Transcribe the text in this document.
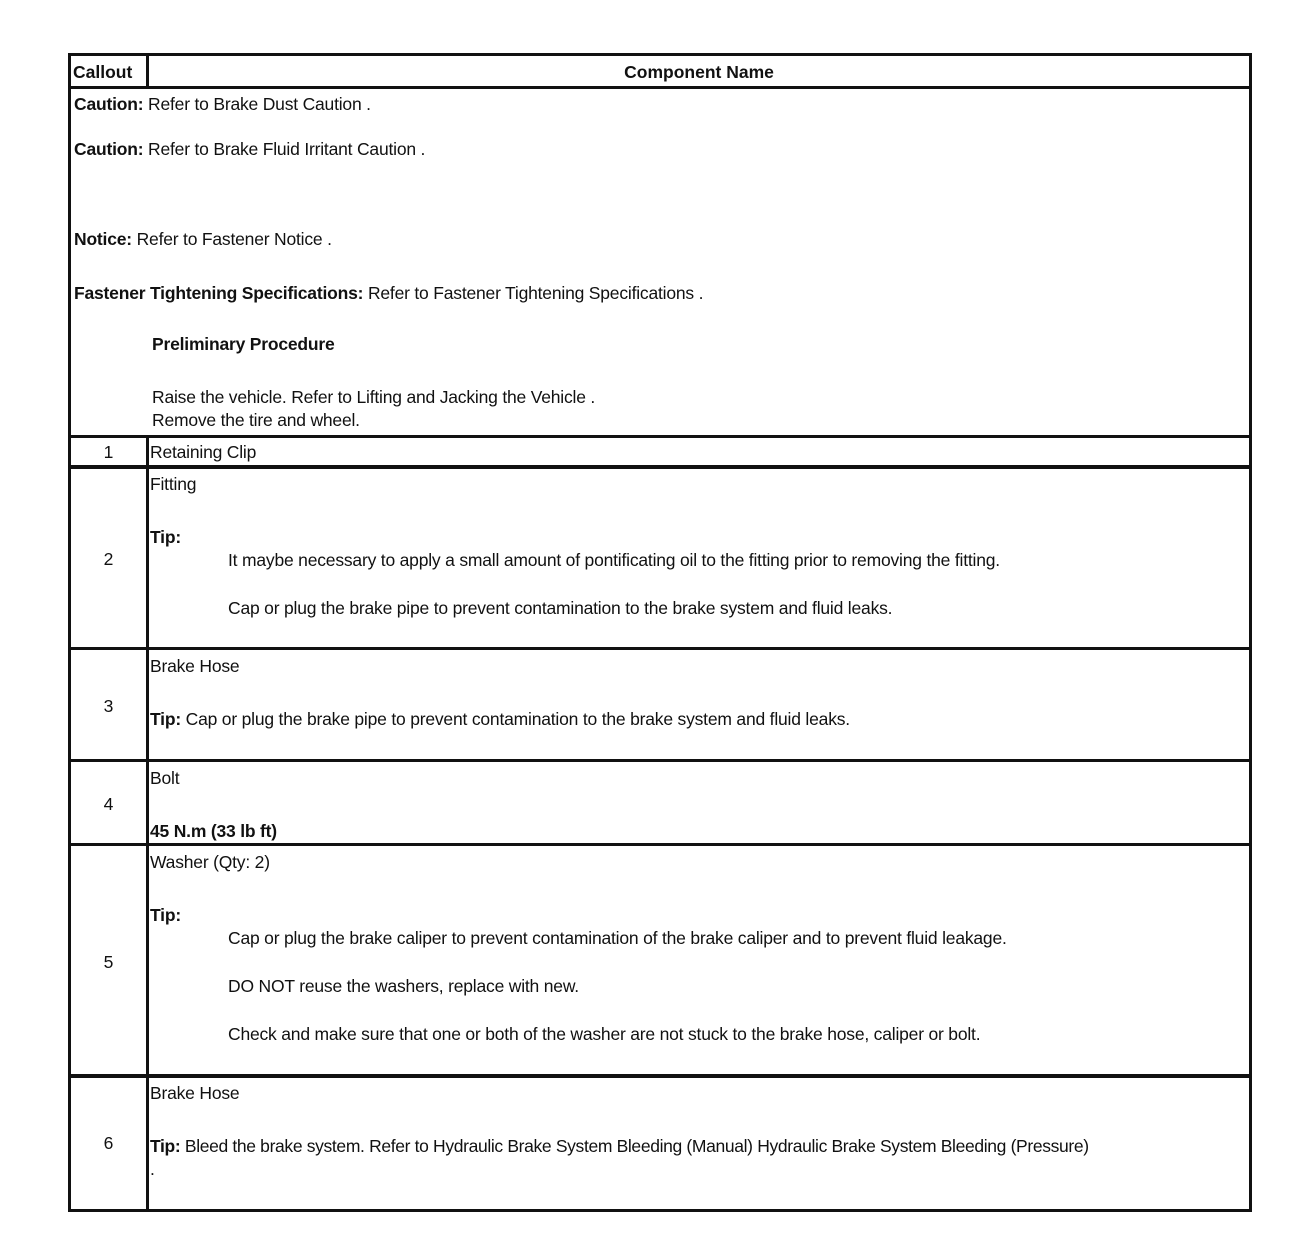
Callout	Component Name
Caution: Refer to Brake Dust Caution .
Caution: Refer to Brake Fluid Irritant Caution .
Notice: Refer to Fastener Notice .
Fastener Tightening Specifications: Refer to Fastener Tightening Specifications .
Preliminary Procedure
Raise the vehicle. Refer to Lifting and Jacking the Vehicle .
Remove the tire and wheel.
1	Retaining Clip
2
Fitting
Tip:
It maybe necessary to apply a small amount of pontificating oil to the fitting prior to removing the fitting.
Cap or plug the brake pipe to prevent contamination to the brake system and fluid leaks.
3
Brake Hose
Tip: Cap or plug the brake pipe to prevent contamination to the brake system and fluid leaks.
4
Bolt
45 N.m (33 lb ft)
5
Washer (Qty: 2)
Tip:
Cap or plug the brake caliper to prevent contamination of the brake caliper and to prevent fluid leakage.
DO NOT reuse the washers, replace with new.
Check and make sure that one or both of the washer are not stuck to the brake hose, caliper or bolt.
6
Brake Hose
Tip: Bleed the brake system. Refer to Hydraulic Brake System Bleeding (Manual) Hydraulic Brake System Bleeding (Pressure)
.
